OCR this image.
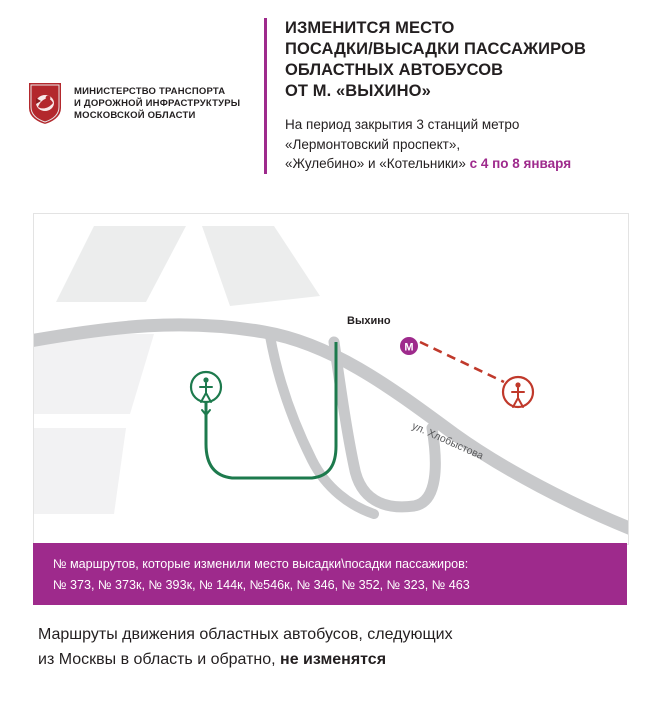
МИНИСТЕРСТВО ТРАНСПОРТА
И ДОРОЖНОЙ ИНФРАСТРУКТУРЫ
МОСКОВСКОЙ ОБЛАСТИ
ИЗМЕНИТСЯ МЕСТО
ПОСАДКИ/ВЫСАДКИ ПАССАЖИРОВ
ОБЛАСТНЫХ АВТОБУСОВ
ОТ М. «ВЫХИНО»
На период закрытия 3 станций метро
«Лермонтовский проспект»,
«Жулебино» и «Котельники» с 4 по 8 января
M
Выхино
ул. Хлобыстова
№ маршрутов, которые изменили место высадки\посадки пассажиров:
№ 373, № 373к, № 393к, № 144к, №546к, № 346, № 352, № 323, № 463
Маршруты движения областных автобусов, следующих
из Москвы в область и обратно, не изменятся
